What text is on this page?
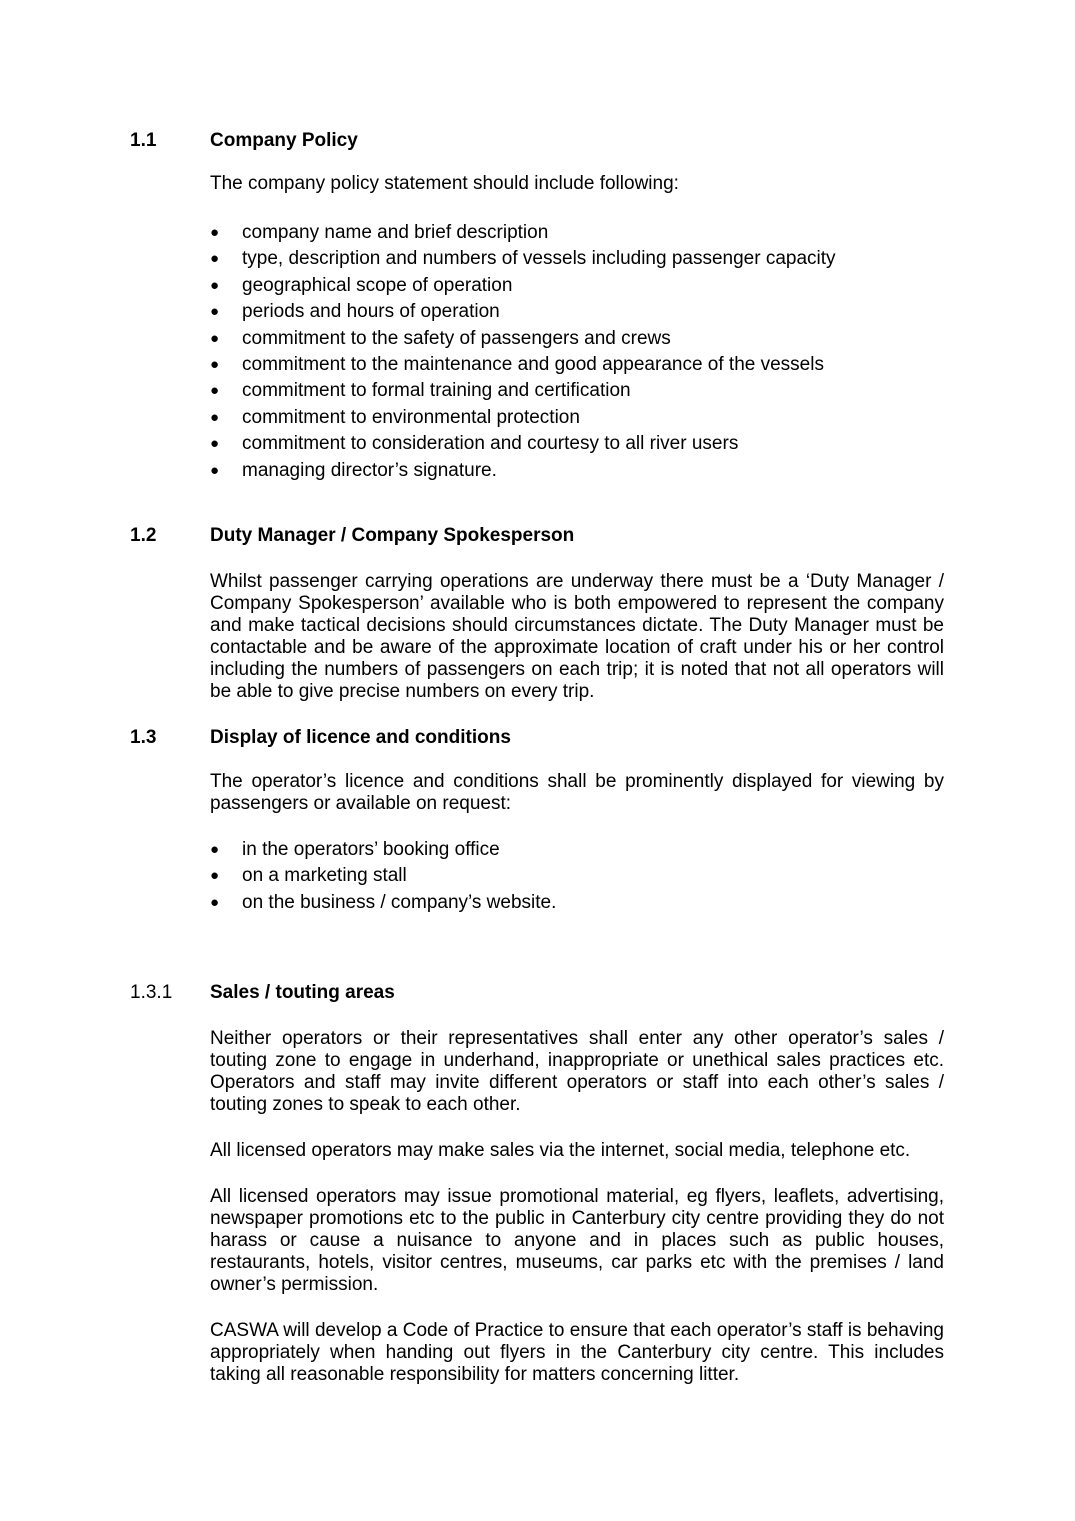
1.1	Company Policy

The company policy statement should include following:

● company name and brief description
● type, description and numbers of vessels including passenger capacity
● geographical scope of operation
● periods and hours of operation
● commitment to the safety of passengers and crews
● commitment to the maintenance and good appearance of the vessels
● commitment to formal training and certification
● commitment to environmental protection
● commitment to consideration and courtesy to all river users
● managing director’s signature.
1.2	Duty Manager / Company Spokesperson

Whilst passenger carrying operations are underway there must be a ‘Duty Manager / Company Spokesperson’ available who is both empowered to represent the company and make tactical decisions should circumstances dictate. The Duty Manager must be contactable and be aware of the approximate location of craft under his or her control including the numbers of passengers on each trip; it is noted that not all operators will be able to give precise numbers on every trip.

1.3	Display of licence and conditions

The operator’s licence and conditions shall be prominently displayed for viewing by passengers or available on request:

● in the operators’ booking office
● on a marketing stall
● on the business / company’s website.
1.3.1 Sales / touting areas

Neither operators or their representatives shall enter any other operator’s sales / touting zone to engage in underhand, inappropriate or unethical sales practices etc. Operators and staff may invite different operators or staff into each other’s sales / touting zones to speak to each other.

All licensed operators may make sales via the internet, social media, telephone etc.

All licensed operators may issue promotional material, eg flyers, leaflets, advertising, newspaper promotions etc to the public in Canterbury city centre providing they do not harass or cause a nuisance to anyone and in places such as public houses, restaurants, hotels, visitor centres, museums, car parks etc with the premises / land owner’s permission.

CASWA will develop a Code of Practice to ensure that each operator’s staff is behaving appropriately when handing out flyers in the Canterbury city centre. This includes taking all reasonable responsibility for matters concerning litter.
